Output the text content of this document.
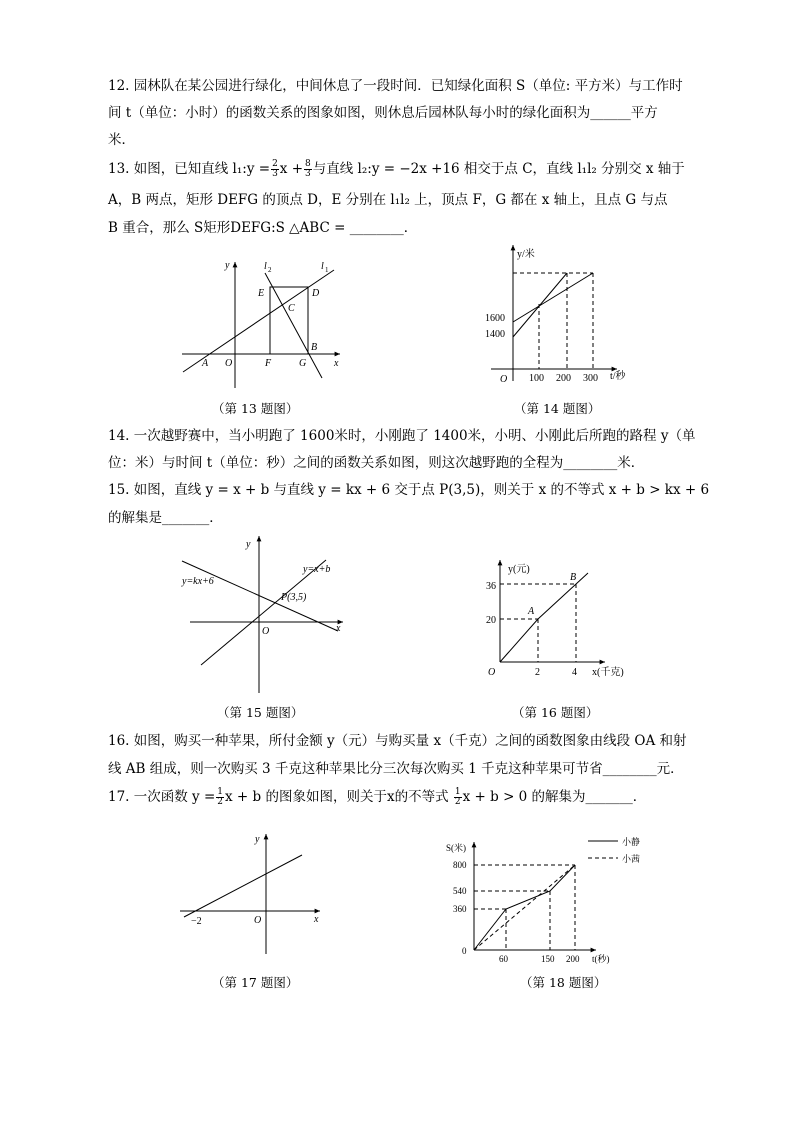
12. 园林队在某公园进行绿化，中间休息了一段时间．已知绿化面积 S（单位: 平方米）与工作时
间 t（单位：小时）的函数关系的图象如图，则休息后园林队每小时的绿化面积为______平方
米．
13. 如图，已知直线 l₁:y = $\frac{2}{3}$ $x + \frac{8}{3}$ 与直线 l₂:y = −2x +16 相交于点 C，直线 l₁l₂ 分别交 x 轴于
A，B 两点，矩形 DEFG 的顶点 D，E 分别在 l₁l₂ 上，顶点 F，G 都在 x 轴上，且点 G 与点
B 重合，那么 S矩形DEFG:S △ABC = ________．
14. 一次越野赛中，当小明跑了 1600米时，小刚跑了 1400米，小明、小刚此后所跑的路程 y（单
位：米）与时间 t（单位：秒）之间的函数关系如图，则这次越野跑的全程为________米．
15. 如图，直线 y = x + b 与直线 y = kx + 6 交于点 P(3,5)，则关于 x 的不等式 x + b > kx + 6
的解集是_______．
16. 如图，购买一种苹果，所付金额 y（元）与购买量 x（千克）之间的函数图象由线段 OA 和射
线 AB 组成，则一次购买 3 千克这种苹果比分三次每次购买 1 千克这种苹果可节省________元．
17. 一次函数 $y = \frac{1}{2}$ x + b 的图象如图，则关于x的不等式 $\frac{1}{2}$ x + b > 0 的解集为_______．
（第 13 题图）	（第 14 题图）
（第 15 题图）	（第 16 题图）
（第 17 题图）	（第 18 题图）
y
x
l 2	l 1
A O	F	G
B
E	D
C
y/米
t/秒
O
1600
1400
100 200 300
y
x
O
y=kx+6
y=x+b
P(3,5)
y(元)
x(千克)
O
36
20
2	4
A
B
y
x
O
−2
S(米)
t(秒)
0
800
540
360
60	150 200
小静
小茜
